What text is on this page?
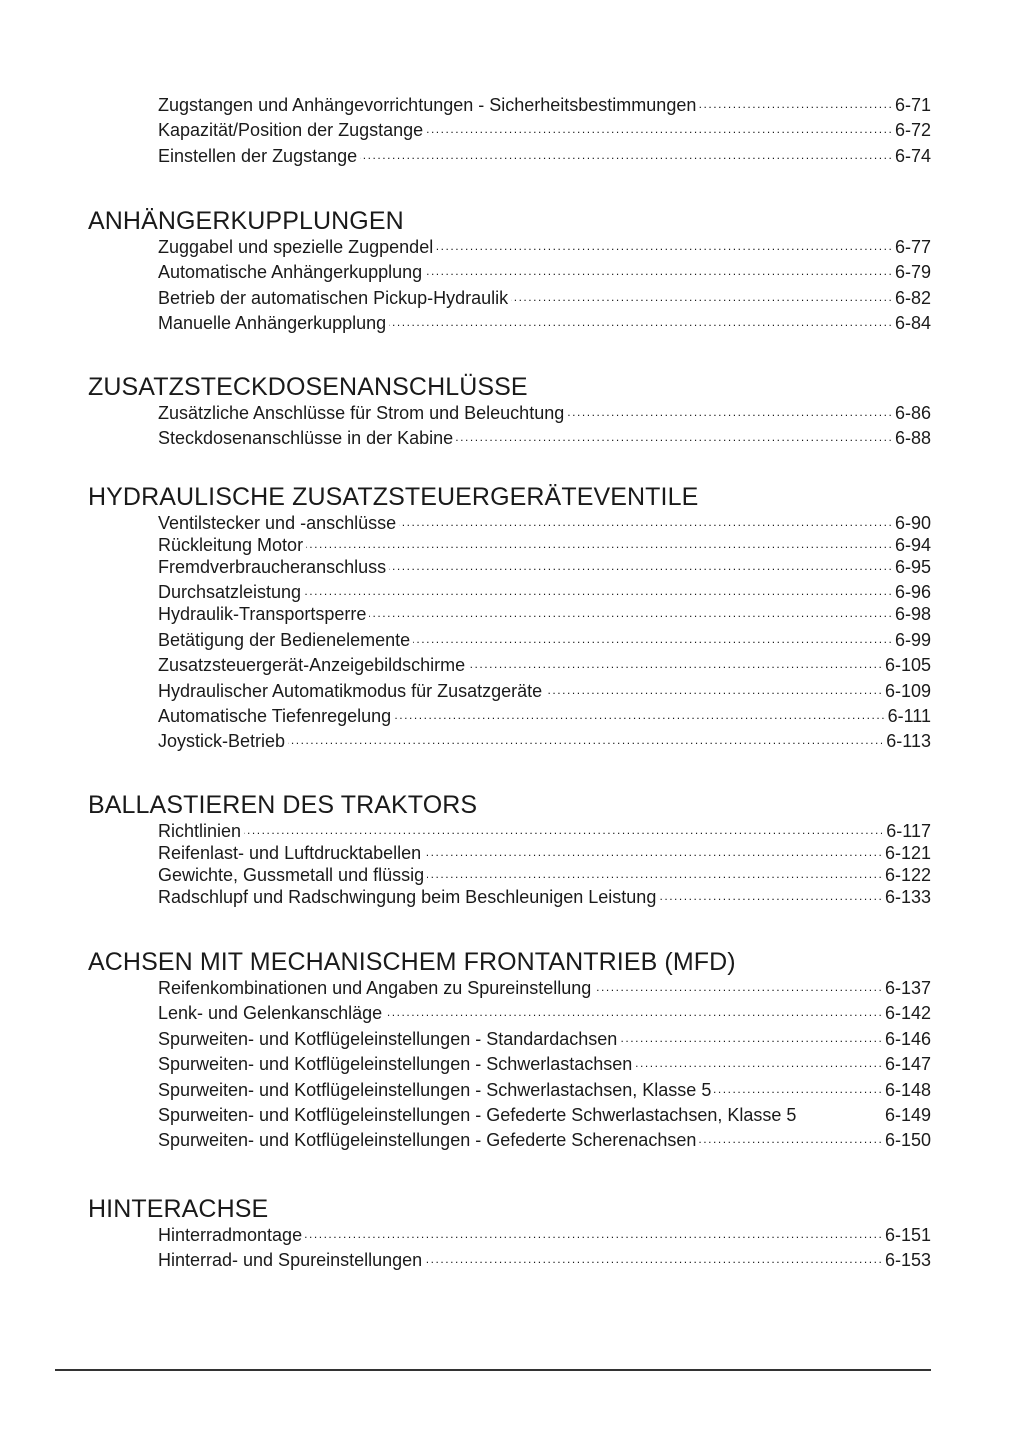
Zugstangen und Anhängevorrichtungen - Sicherheitsbestimmungen . . .	6-71
Kapazität/Position der Zugstange . . .	6-72
Einstellen der Zugstange . . .	6-74
ANHÄNGERKUPPLUNGEN
Zuggabel und spezielle Zugpendel . . .	6-77
Automatische Anhängerkupplung . . .	6-79
Betrieb der automatischen Pickup-Hydraulik . . .	6-82
Manuelle Anhängerkupplung . . .	6-84
ZUSATZSTECKDOSENANSCHLÜSSE
Zusätzliche Anschlüsse für Strom und Beleuchtung . . .	6-86
Steckdosenanschlüsse in der Kabine . . .	6-88
HYDRAULISCHE ZUSATZSTEUERGERÄTEVENTILE
Ventilstecker und -anschlüsse . . .	6-90
Rückleitung Motor . . .	6-94
Fremdverbraucheranschluss . . .	6-95
Durchsatzleistung . . .	6-96
Hydraulik-Transportsperre . . .	6-98
Betätigung der Bedienelemente . . .	6-99
Zusatzsteuergerät-Anzeigebildschirme . . .	6-105
Hydraulischer Automatikmodus für Zusatzgeräte . . .	6-109
Automatische Tiefenregelung . . .	6-111
Joystick-Betrieb . . .	6-113
BALLASTIEREN DES TRAKTORS
Richtlinien . . .	6-117
Reifenlast- und Luftdrucktabellen . . .	6-121
Gewichte, Gussmetall und flüssig . . .	6-122
Radschlupf und Radschwingung beim Beschleunigen Leistung . . .	6-133
ACHSEN MIT MECHANISCHEM FRONTANTRIEB (MFD)
Reifenkombinationen und Angaben zu Spureinstellung . . .	6-137
Lenk- und Gelenkanschläge . . .	6-142
Spurweiten- und Kotflügeleinstellungen - Standardachsen . . .	6-146
Spurweiten- und Kotflügeleinstellungen - Schwerlastachsen . . .	6-147
Spurweiten- und Kotflügeleinstellungen - Schwerlastachsen, Klasse 5 . . .	6-148
Spurweiten- und Kotflügeleinstellungen - Gefederte Schwerlastachsen, Klasse 5	6-149
Spurweiten- und Kotflügeleinstellungen - Gefederte Scherenachsen . . .	6-150
HINTERACHSE
Hinterradmontage . . .	6-151
Hinterrad- und Spureinstellungen . . .	6-153
